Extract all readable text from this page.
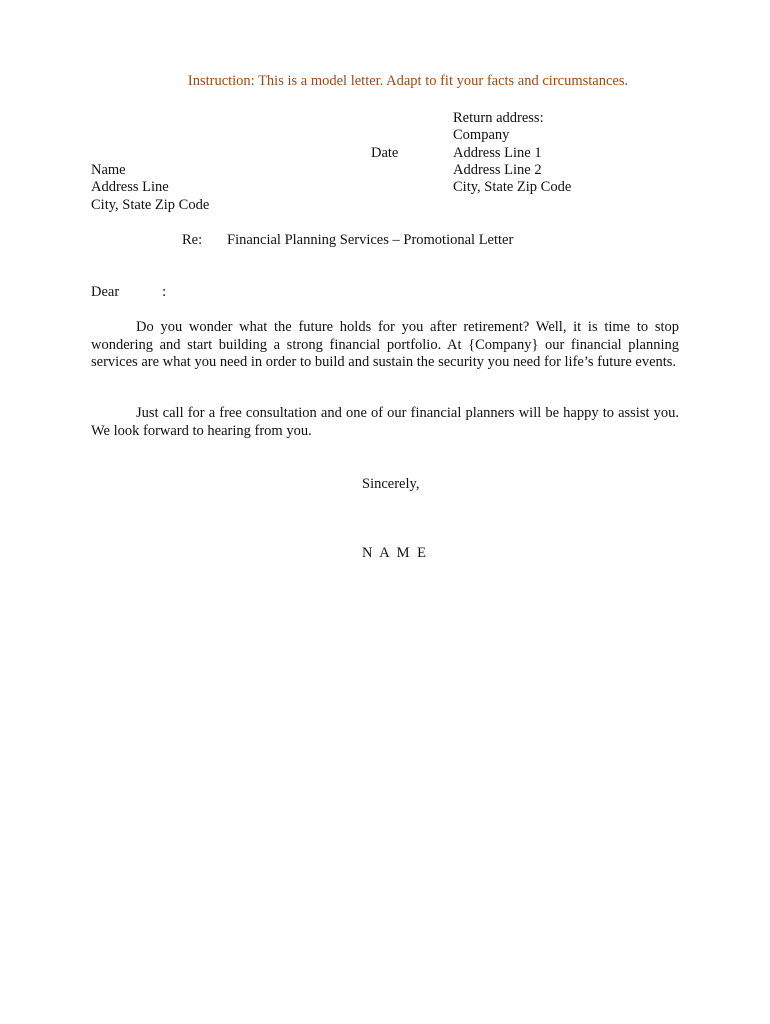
Instruction: This is a model letter. Adapt to fit your facts and circumstances.
Return address:
Company
Address Line 1
Address Line 2
City, State Zip Code
Date
Name
Address Line
City, State Zip Code
Re: Financial Planning Services – Promotional Letter
Dear	:
Do you wonder what the future holds for you after retirement? Well, it is time to stop wondering and start building a strong financial portfolio. At {Company} our financial planning services are what you need in order to build and sustain the security you need for life’s future events.
Just call for a free consultation and one of our financial planners will be happy to assist you. We look forward to hearing from you.
Sincerely,
N A M E
